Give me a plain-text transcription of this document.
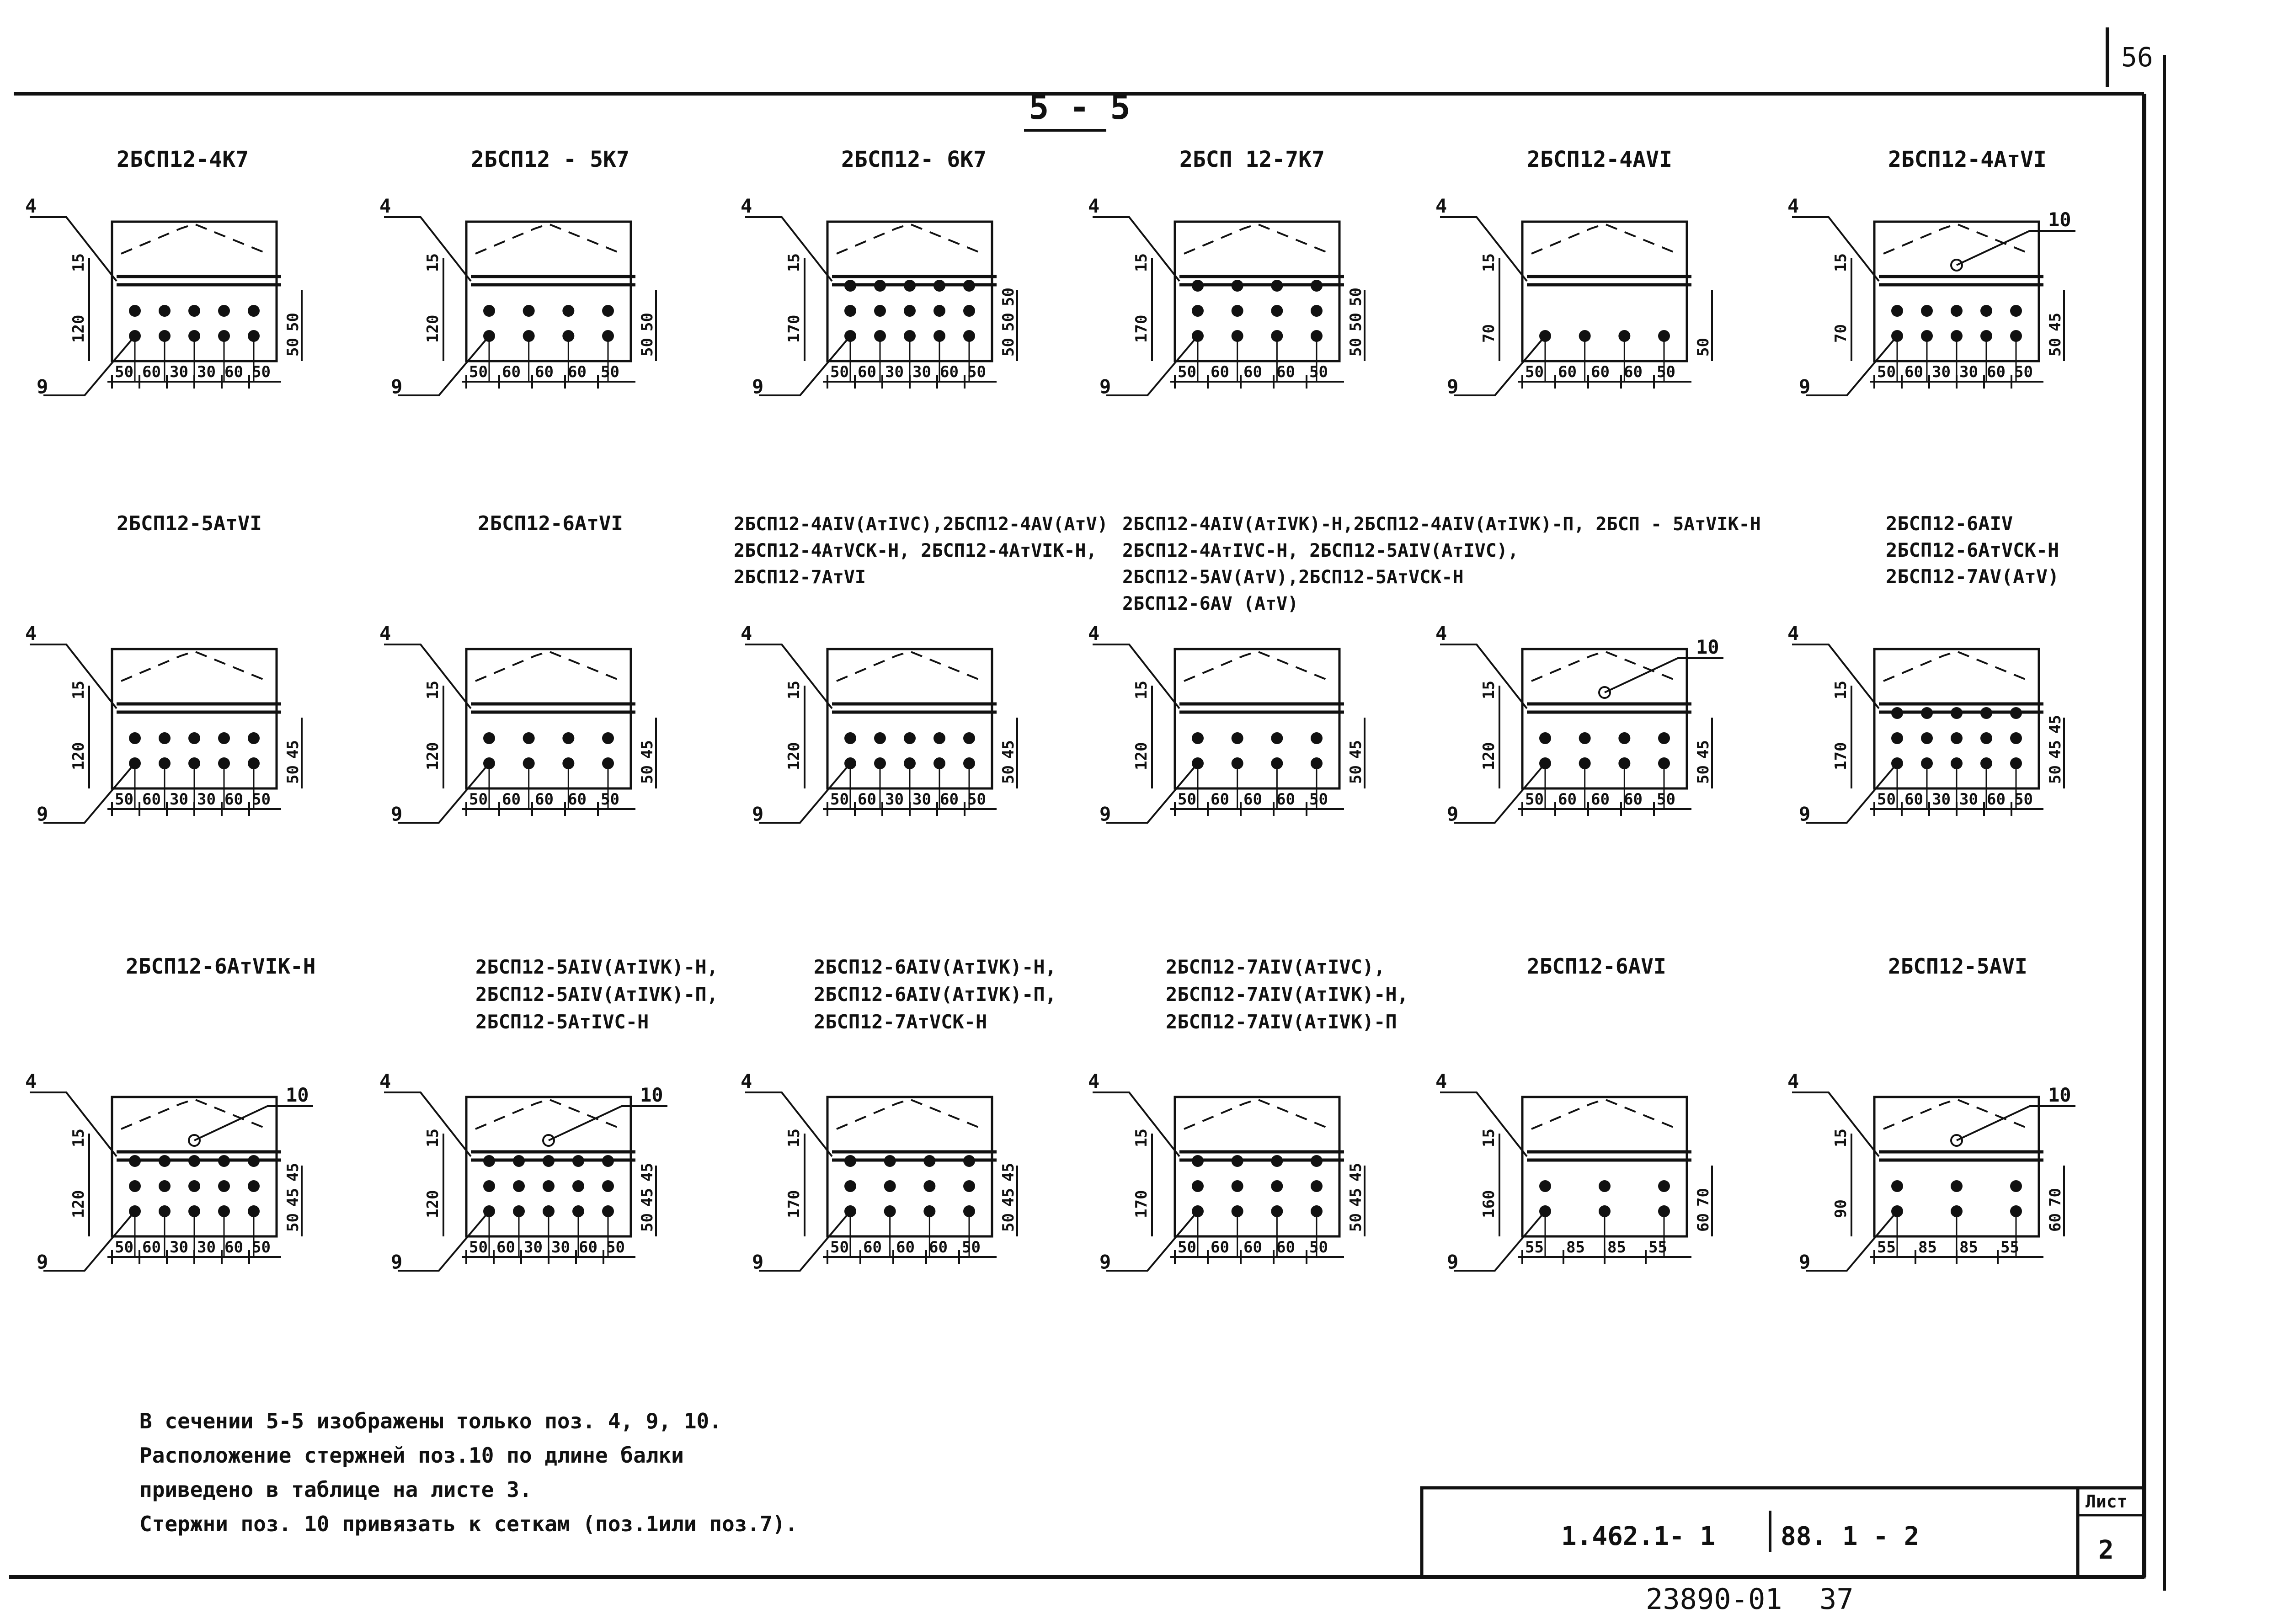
56
5 - 5
2БСП12-4К7	2БСП12 - 5К7	2БСП12- 6К7	2БСП 12-7К7	2БСП12-4АVI	2БСП12-4АтVI
2БСП12-5АтVI	2БСП12-6АтVI	2БСП12-4АIV(АтIVС),2БСП12-4АV(АтV)
2БСП12-4АтVСК-Н, 2БСП12-4АтVIК-Н,
2БСП12-7АтVI
2БСП12-4АIV(АтIVК)-Н,2БСП12-4АIV(АтIVК)-П, 2БСП - 5АтVIК-Н
2БСП12-4АтIVС-Н, 2БСП12-5АIV(АтIVС),
2БСП12-5АV(АтV),2БСП12-5АтVСК-Н
2БСП12-6АV (АтV)
2БСП12-6АIV
2БСП12-6АтVСК-Н
2БСП12-7АV(АтV)
2БСП12-6АтVIК-Н	2БСП12-5АIV(АтIVК)-Н,
2БСП12-5АIV(АтIVК)-П,
2БСП12-5АтIVС-Н
2БСП12-6АIV(АтIVК)-Н,
2БСП12-6АIV(АтIVК)-П,
2БСП12-7АтVСК-Н
2БСП12-7АIV(АтIVС),
2БСП12-7АIV(АтIVК)-Н,
2БСП12-7АIV(АтIVК)-П
2БСП12-6АVI	2БСП12-5АVI
4
9
50 60 30 30 60 50
15
120
50
50
4
9
50 60 60 60 50
15
120
50
50
4
9
50 60 30 30 60 50
15
170
50
50
50
4
9
50 60 60 60 50
15
170
50
50
50
4
9
50 60 60 60 50
15
70
50
4
9
10
50 60 30 30 60 50
15
70
50
45
4
9
50 60 30 30 60 50
15
120
50
45
4
9
50 60 60 60 50
15
120
50
45
4
9
50 60 30 30 60 50
15
120
50
45
4
9
50 60 60 60 50
15
120
50
45
4
9
10
50 60 60 60 50
15
120
50
45
4
9
50 60 30 30 60 50
15
170
50
45
45
4
9
10
50 60 30 30 60 50
15
120
50
45
45
4
9
10
50 60 30 30 60 50
15
120
50
45
45
4
9
50 60 60 60 50
15
170
50
45
45
4
9
50 60 60 60 50
15
170
50
45
45
4
9
55 85 85 55
15
160
60
70
4
9
10
55 85 85 55
15
90
60
70
В сечении 5-5 изображены только поз. 4, 9, 10.
Расположение стержней поз.10 по длине балки
приведено в таблице на листе 3.
Стержни поз. 10 привязать к сеткам (поз.1или поз.7).	1.462.1- 1	88. 1 - 2
Лист
2
23890-01 37
